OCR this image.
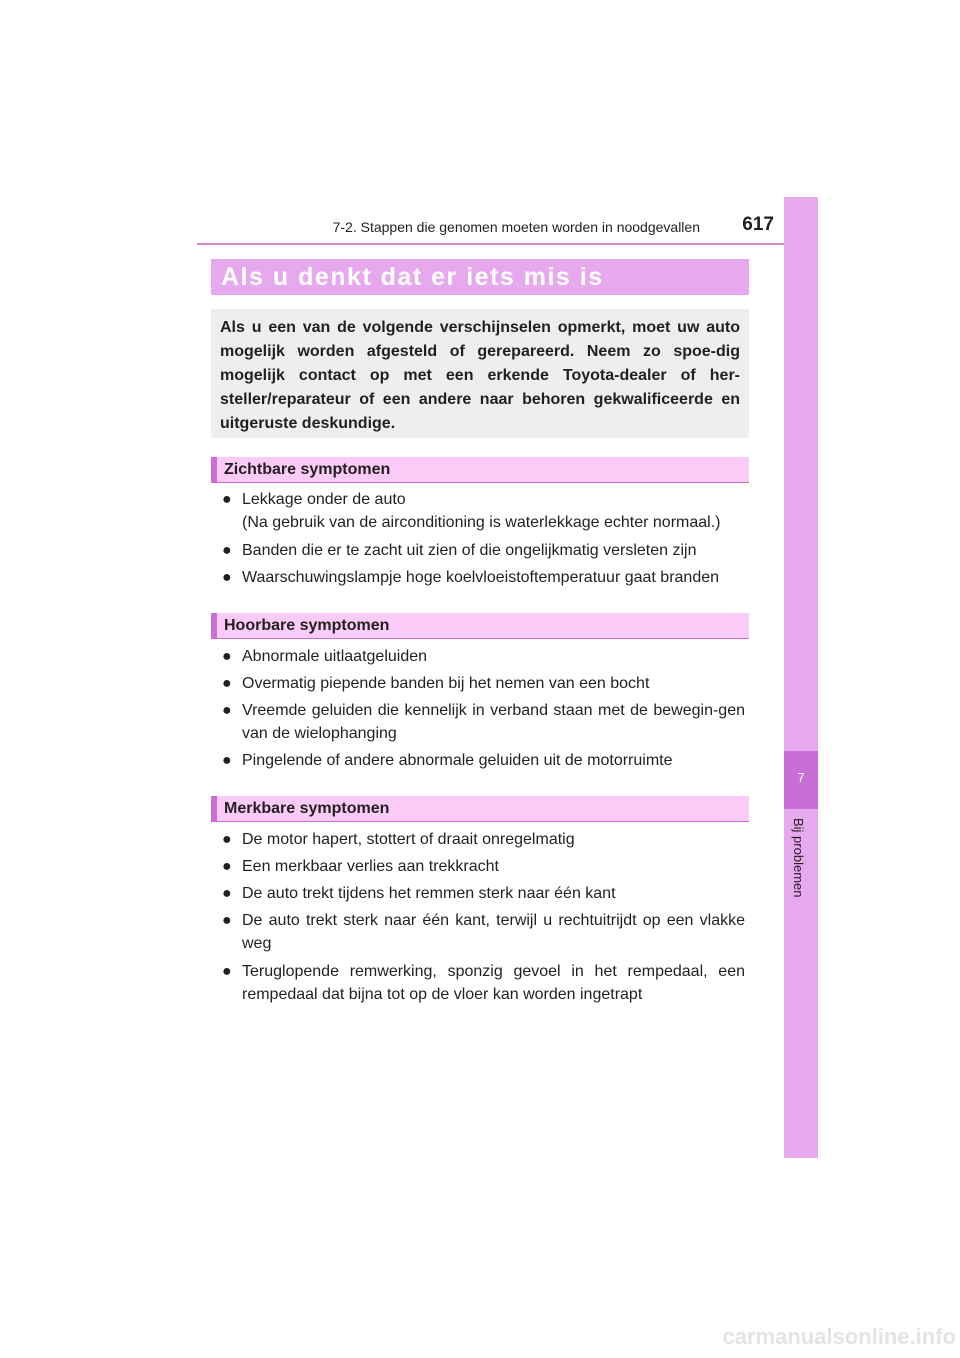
7-2. Stappen die genomen moeten worden in noodgevallen	617
7
Bij problemen
Als u denkt dat er iets mis is
Als u een van de volgende verschijnselen opmerkt, moet uw auto mogelijk worden afgesteld of gerepareerd. Neem zo spoe-dig mogelijk contact op met een erkende Toyota-dealer of her-steller/reparateur of een andere naar behoren gekwalificeerde en uitgeruste deskundige.
Zichtbare symptomen
● Lekkage onder de auto
(Na gebruik van de airconditioning is waterlekkage echter normaal.)
● Banden die er te zacht uit zien of die ongelijkmatig versleten zijn
● Waarschuwingslampje hoge koelvloeistoftemperatuur gaat branden
Hoorbare symptomen
● Abnormale uitlaatgeluiden
● Overmatig piepende banden bij het nemen van een bocht
● Vreemde geluiden die kennelijk in verband staan met de bewegin-gen van de wielophanging
● Pingelende of andere abnormale geluiden uit de motorruimte
Merkbare symptomen
● De motor hapert, stottert of draait onregelmatig
● Een merkbaar verlies aan trekkracht
● De auto trekt tijdens het remmen sterk naar één kant
● De auto trekt sterk naar één kant, terwijl u rechtuitrijdt op een vlakke weg
● Teruglopende remwerking, sponzig gevoel in het rempedaal, een rempedaal dat bijna tot op de vloer kan worden ingetrapt
carmanualsonline.info
